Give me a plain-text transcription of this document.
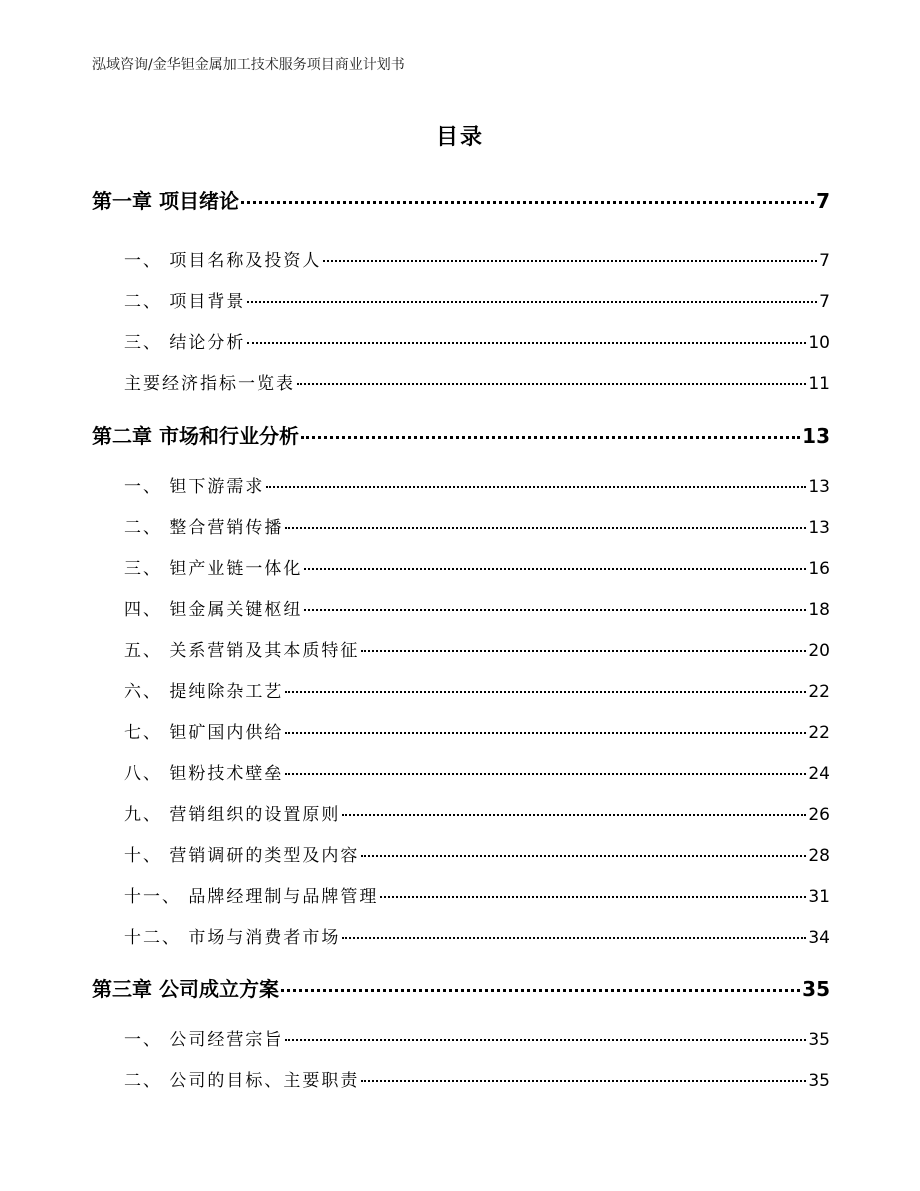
泓域咨询/金华钽金属加工技术服务项目商业计划书
目录
第一章 项目绪论	7
一、 项目名称及投资人	7
二、 项目背景	7
三、 结论分析	10
主要经济指标一览表	11
第二章 市场和行业分析	13
一、 钽下游需求	13
二、 整合营销传播	13
三、 钽产业链一体化	16
四、 钽金属关键枢纽	18
五、 关系营销及其本质特征	20
六、 提纯除杂工艺	22
七、 钽矿国内供给	22
八、 钽粉技术壁垒	24
九、 营销组织的设置原则	26
十、 营销调研的类型及内容	28
十一、 品牌经理制与品牌管理	31
十二、 市场与消费者市场	34
第三章 公司成立方案	35
一、 公司经营宗旨	35
二、 公司的目标、主要职责	35
